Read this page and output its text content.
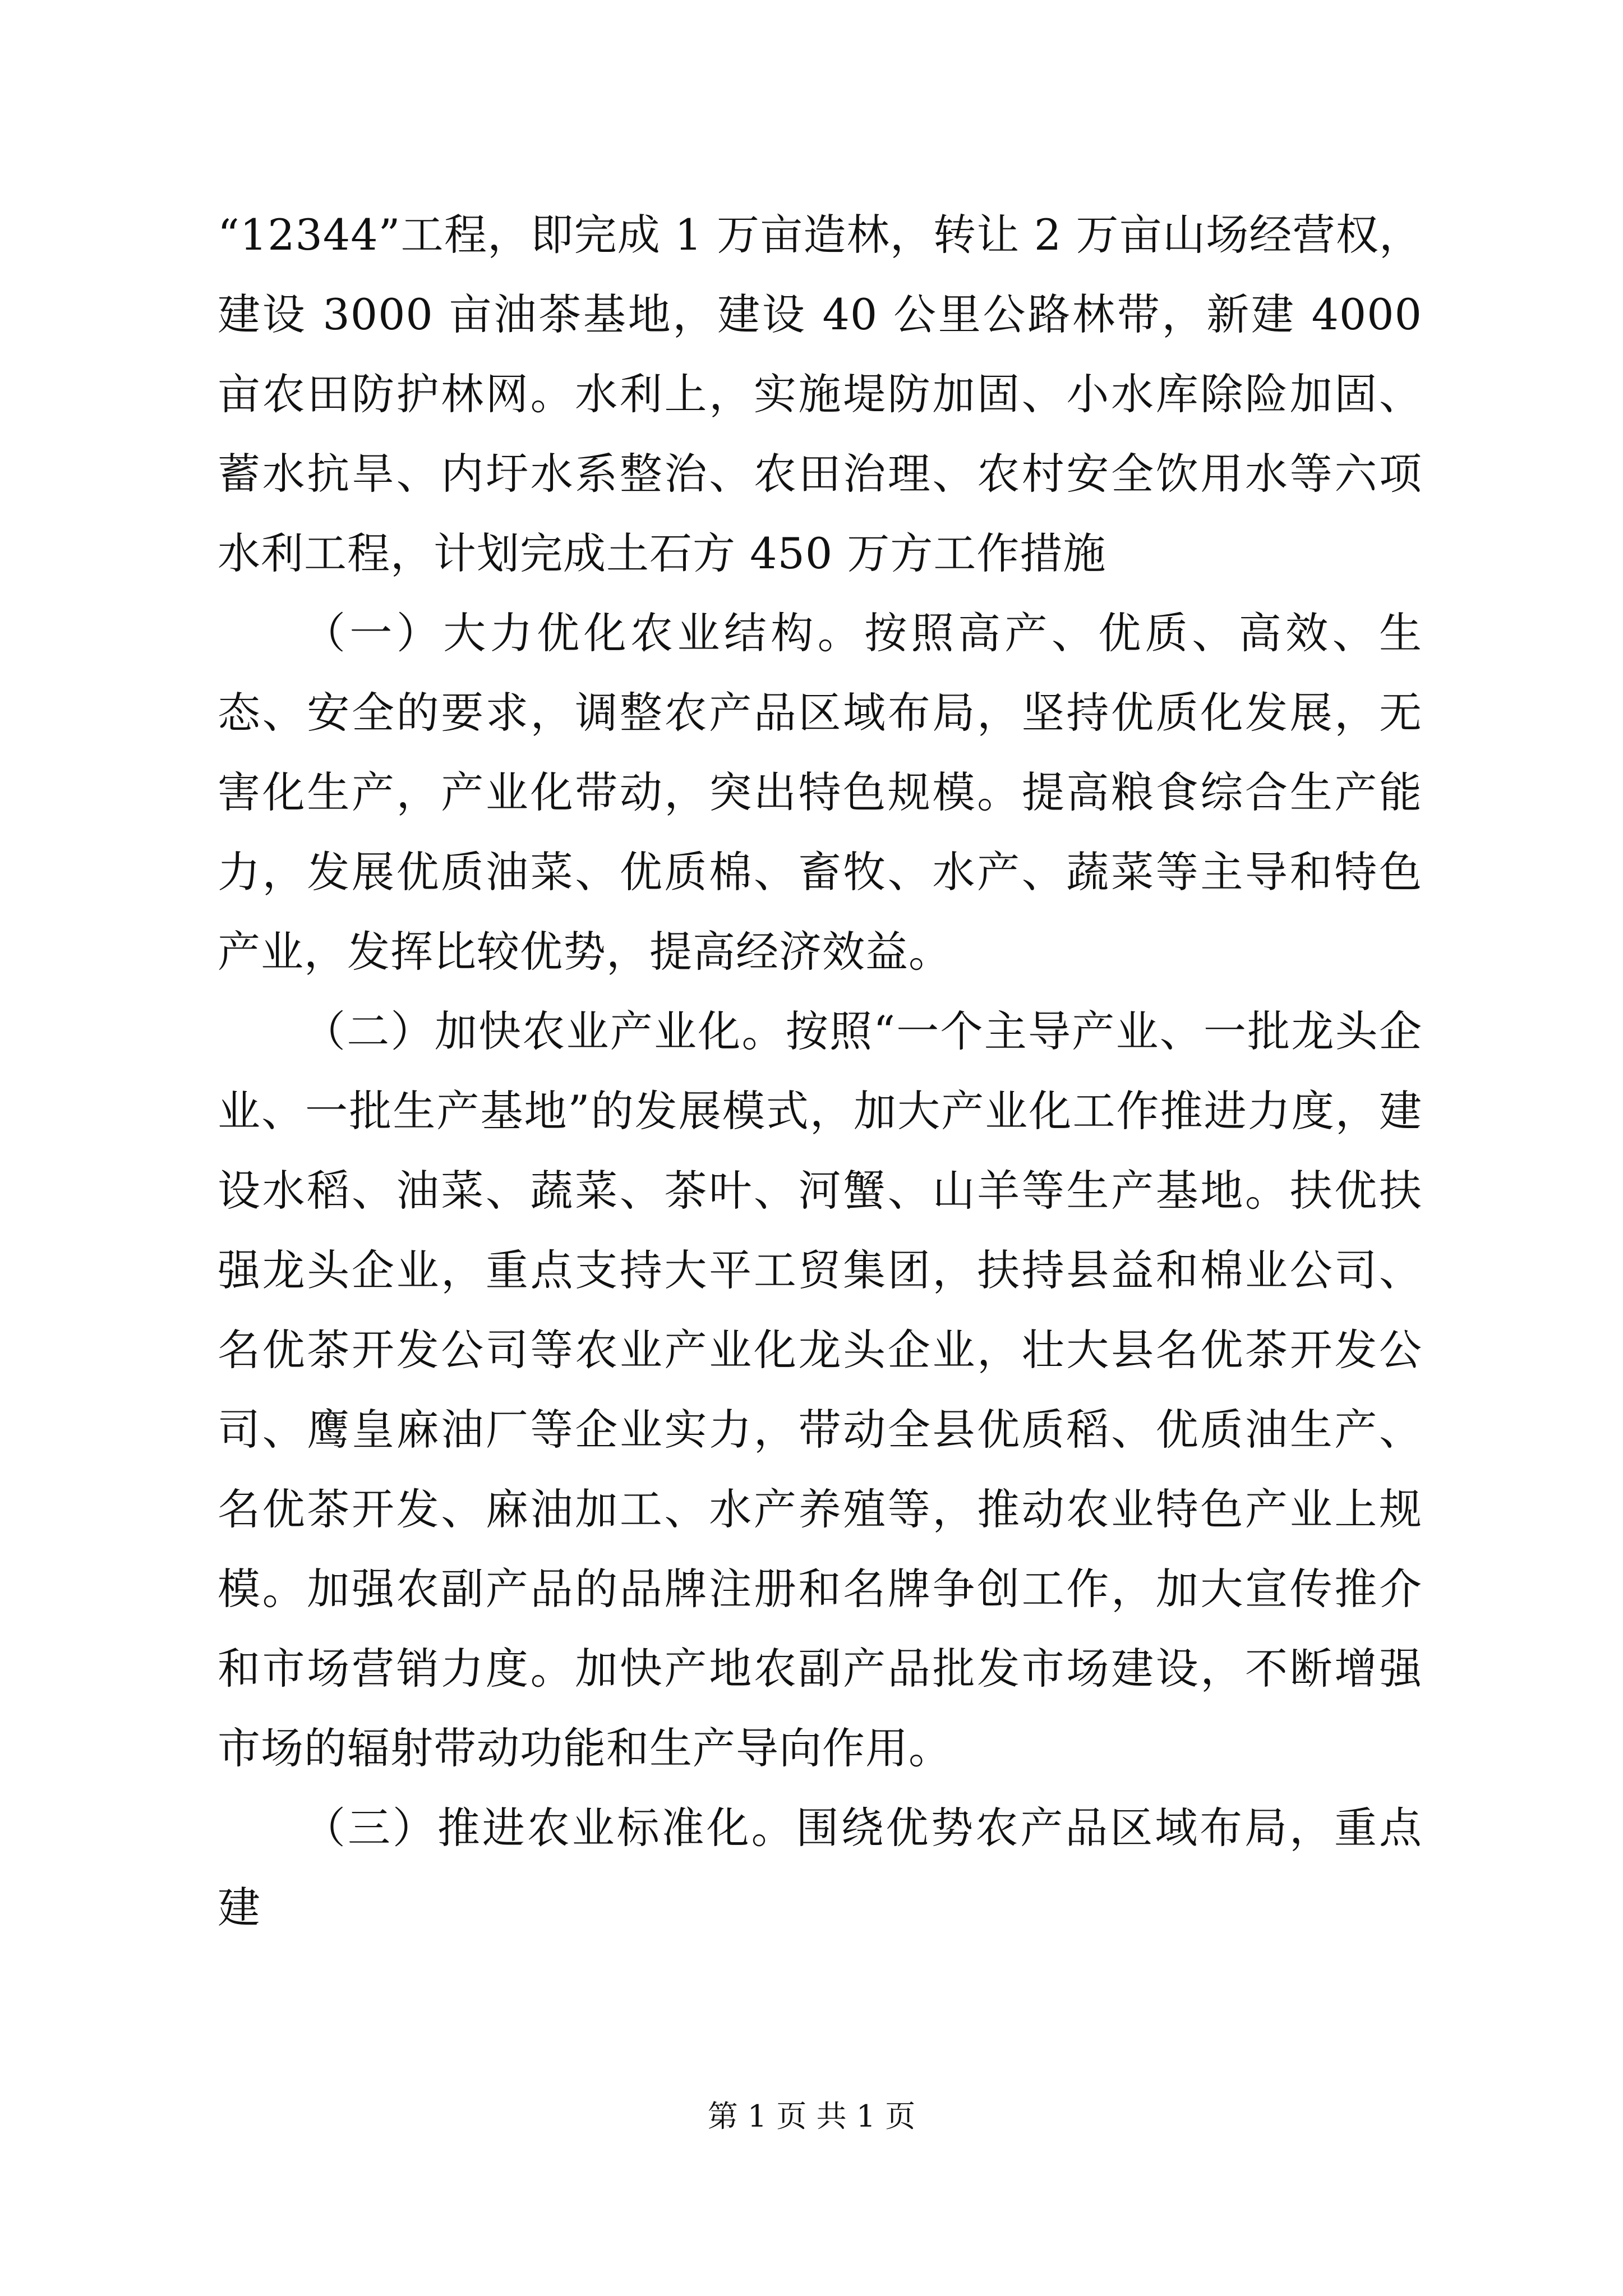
“12344”工程，即完成 1 万亩造林，转让 2 万亩山场经营权，建设 3000 亩油茶基地，建设 40 公里公路林带，新建 4000 亩农田防护林网。水利上，实施堤防加固、小水库除险加固、蓄水抗旱、内圩水系整治、农田治理、农村安全饮用水等六项水利工程，计划完成土石方 450 万方工作措施

（一）大力优化农业结构。按照高产、优质、高效、生态、安全的要求，调整农产品区域布局，坚持优质化发展，无害化生产，产业化带动，突出特色规模。提高粮食综合生产能力，发展优质油菜、优质棉、畜牧、水产、蔬菜等主导和特色产业，发挥比较优势，提高经济效益。

（二）加快农业产业化。按照“一个主导产业、一批龙头企业、一批生产基地”的发展模式，加大产业化工作推进力度，建设水稻、油菜、蔬菜、茶叶、河蟹、山羊等生产基地。扶优扶强龙头企业，重点支持大平工贸集团，扶持县益和棉业公司、名优茶开发公司等农业产业化龙头企业，壮大县名优茶开发公司、鹰皇麻油厂等企业实力，带动全县优质稻、优质油生产、名优茶开发、麻油加工、水产养殖等，推动农业特色产业上规模。加强农副产品的品牌注册和名牌争创工作，加大宣传推介和市场营销力度。加快产地农副产品批发市场建设，不断增强市场的辐射带动功能和生产导向作用。

（三）推进农业标准化。围绕优势农产品区域布局，重点建

第 1 页 共 1 页
